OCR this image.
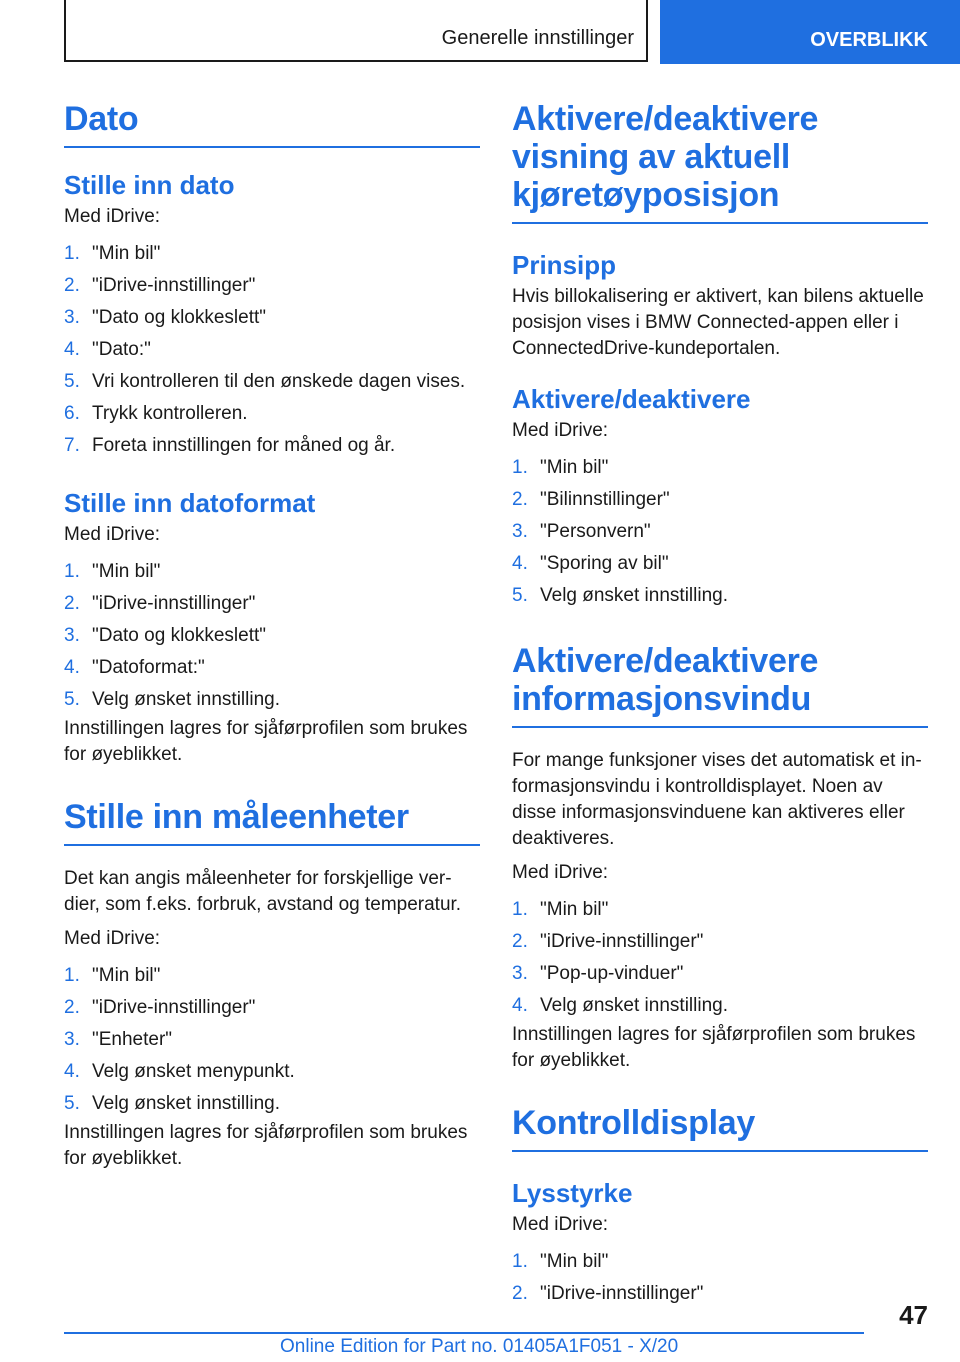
Generelle innstillinger	OVERBLIKK
Dato
Stille inn dato

Med iDrive:

1. "Min bil"
2. "iDrive-innstillinger"
3. "Dato og klokkeslett"
4. "Dato:"
5. Vri kontrolleren til den ønskede dagen vises.
6. Trykk kontrolleren.
7. Foreta innstillingen for måned og år.
Stille inn datoformat

Med iDrive:

1. "Min bil"
2. "iDrive-innstillinger"
3. "Dato og klokkeslett"
4. "Datoformat:"
5. Velg ønsket innstilling.

Innstillingen lagres for sjåførprofilen som brukes for øyeblikket.

Stille inn måleenheter

Det kan angis måleenheter for forskjellige verdier, som f.eks. forbruk, avstand og temperatur.

Med iDrive:

1. "Min bil"
2. "iDrive-innstillinger"
3. "Enheter"
4. Velg ønsket menypunkt.
5. Velg ønsket innstilling.

Innstillingen lagres for sjåførprofilen som brukes for øyeblikket.

Aktivere/deaktivere visning av aktuell kjøretøyposisjon
Prinsipp

Hvis billokalisering er aktivert, kan bilens aktuelle posisjon vises i BMW Connected-appen eller i ConnectedDrive-kundeportalen.

Aktivere/deaktivere

Med iDrive:

1. "Min bil"
2. "Bilinnstillinger"
3. "Personvern"
4. "Sporing av bil"
5. Velg ønsket innstilling.
Aktivere/deaktivere informasjonsvindu

For mange funksjoner vises det automatisk et informasjonsvindu i kontrolldisplayet. Noen av disse informasjonsvinduene kan aktiveres eller deaktiveres.

Med iDrive:

1. "Min bil"
2. "iDrive-innstillinger"
3. "Pop-up-vinduer"
4. Velg ønsket innstilling.

Innstillingen lagres for sjåførprofilen som brukes for øyeblikket.

Kontrolldisplay
Lysstyrke

Med iDrive:

1. "Min bil"
2. "iDrive-innstillinger"
47
Online Edition for Part no. 01405A1F051 - X/20
